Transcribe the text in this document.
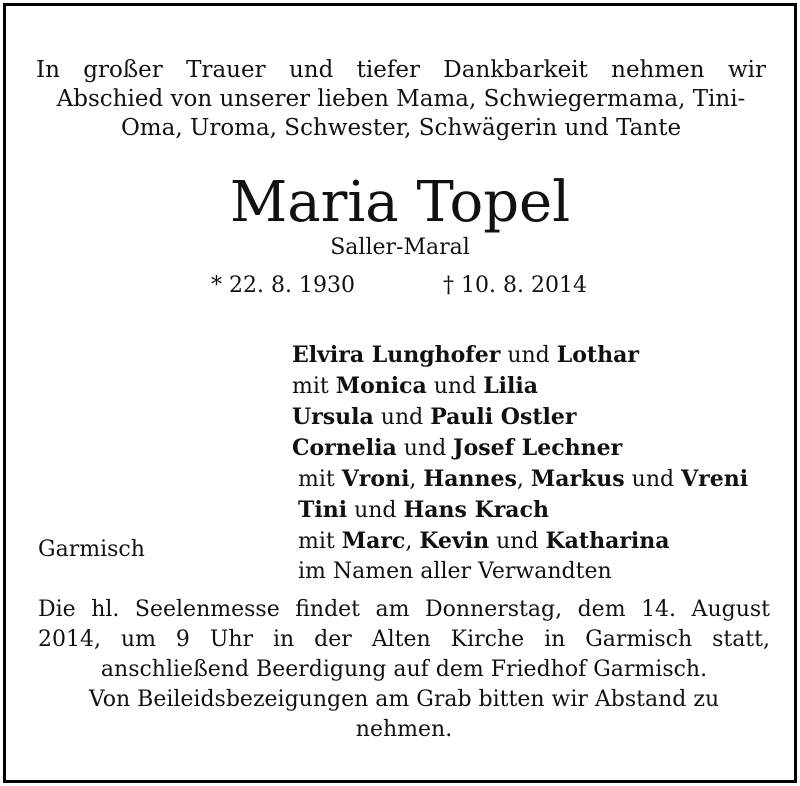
In großer Trauer und tiefer Dankbarkeit nehmen wir
Abschied von unserer lieben Mama, Schwiegermama, Tini-
Oma, Uroma, Schwester, Schwägerin und Tante
Maria Topel
Saller-Maral
* 22. 8. 1930	† 10. 8. 2014
Elvira Lunghofer und Lothar
mit Monica und Lilia
Ursula und Pauli Ostler
Cornelia und Josef Lechner
mit Vroni, Hannes, Markus und Vreni
Tini und Hans Krach
mit Marc, Kevin und Katharina
im Namen aller Verwandten
Garmisch
Die hl. Seelenmesse findet am Donnerstag, dem 14. August
2014, um 9 Uhr in der Alten Kirche in Garmisch statt,
anschließend Beerdigung auf dem Friedhof Garmisch.
Von Beileidsbezeigungen am Grab bitten wir Abstand zu
nehmen.
